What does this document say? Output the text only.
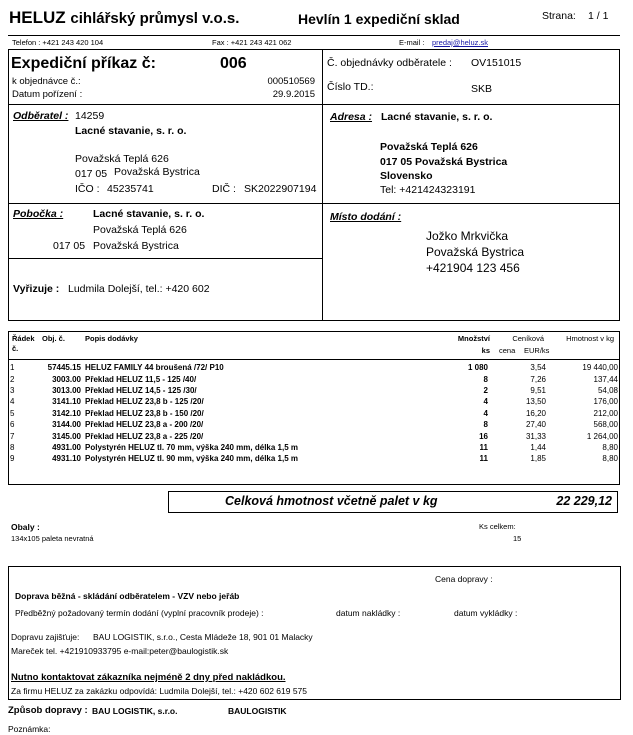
HELUZ cihlářský průmysl v.o.s.	Hevlín 1 expediční sklad	Strana: 1 / 1
Telefon : +421 243 420 104	Fax : +421 243 421 062	E-mail : predaj@heluz.sk
Expediční příkaz č:	006
k objednávce č.:	000510569
Datum pořízení :	29.9.2015
Č. objednávky odběratele : OV151015
Číslo TD.:	SKB
Odběratel : 14259
Lacné stavanie, s. r. o.
Považská Teplá 626
017 05 Považská Bystrica
IČO : 45235741	DIČ : SK2022907194
Adresa : Lacné stavanie, s. r. o.
Považská Teplá 626
017 05 Považská Bystrica
Slovensko
Tel: +421424323191
Pobočka :	Lacné stavanie, s. r. o.
Považská Teplá 626
017 05 Považská Bystrica
Místo dodání :
Jožko Mrkvička
Považská Bystrica
+421904 123 456
Vyřizuje : Ludmila Dolejší, tel.: +420 602
Řádek
č.
Obj. č.	Popis dodávky	Množství
ks
Ceníková
cena EUR/ks
Hmotnost v kg
1	57445.15	HELUZ FAMILY 44 broušená /72/ P10	1 080	3,54	19 440,00
2	3003.00	Překlad HELUZ 11,5 - 125 /40/	8	7,26	137,44
3	3013.00	Překlad HELUZ 14,5 - 125 /30/	2	9,51	54,08
4	3141.10	Překlad HELUZ 23,8 b - 125 /20/	4	13,50	176,00
5	3142.10	Překlad HELUZ 23,8 b - 150 /20/	4	16,20	212,00
6	3144.00	Překlad HELUZ 23,8 a - 200 /20/	8	27,40	568,00
7	3145.00	Překlad HELUZ 23,8 a - 225 /20/	16	31,33	1 264,00
8	4931.00	Polystyrén HELUZ tl. 70 mm, výška 240 mm, délka 1,5 m	11	1,44	8,80
9	4931.10	Polystyrén HELUZ tl. 90 mm, výška 240 mm, délka 1,5 m	11	1,85	8,80
Celková hmotnost včetně palet v kg	22 229,12
Obaly :
134x105 paleta nevratná
Ks celkem:
15
Cena dopravy :
Doprava běžná - skládání odběratelem - VZV nebo jeřáb
Předběžný požadovaný termín dodání (vyplní pracovník prodeje) :	datum nakládky :	datum vykládky :
Dopravu zajišťuje: BAU LOGISTIK, s.r.o., Cesta Mládeže 18, 901 01 Malacky
Mareček tel. +421910933795 e-mail:peter@baulogistik.sk
Nutno kontaktovat zákazníka nejméně 2 dny před nakládkou.
Za firmu HELUZ za zakázku odpovídá: Ludmila Dolejší, tel.: +420 602 619 575
Způsob dopravy : BAU LOGISTIK, s.r.o.	BAULOGISTIK
Poznámka:
